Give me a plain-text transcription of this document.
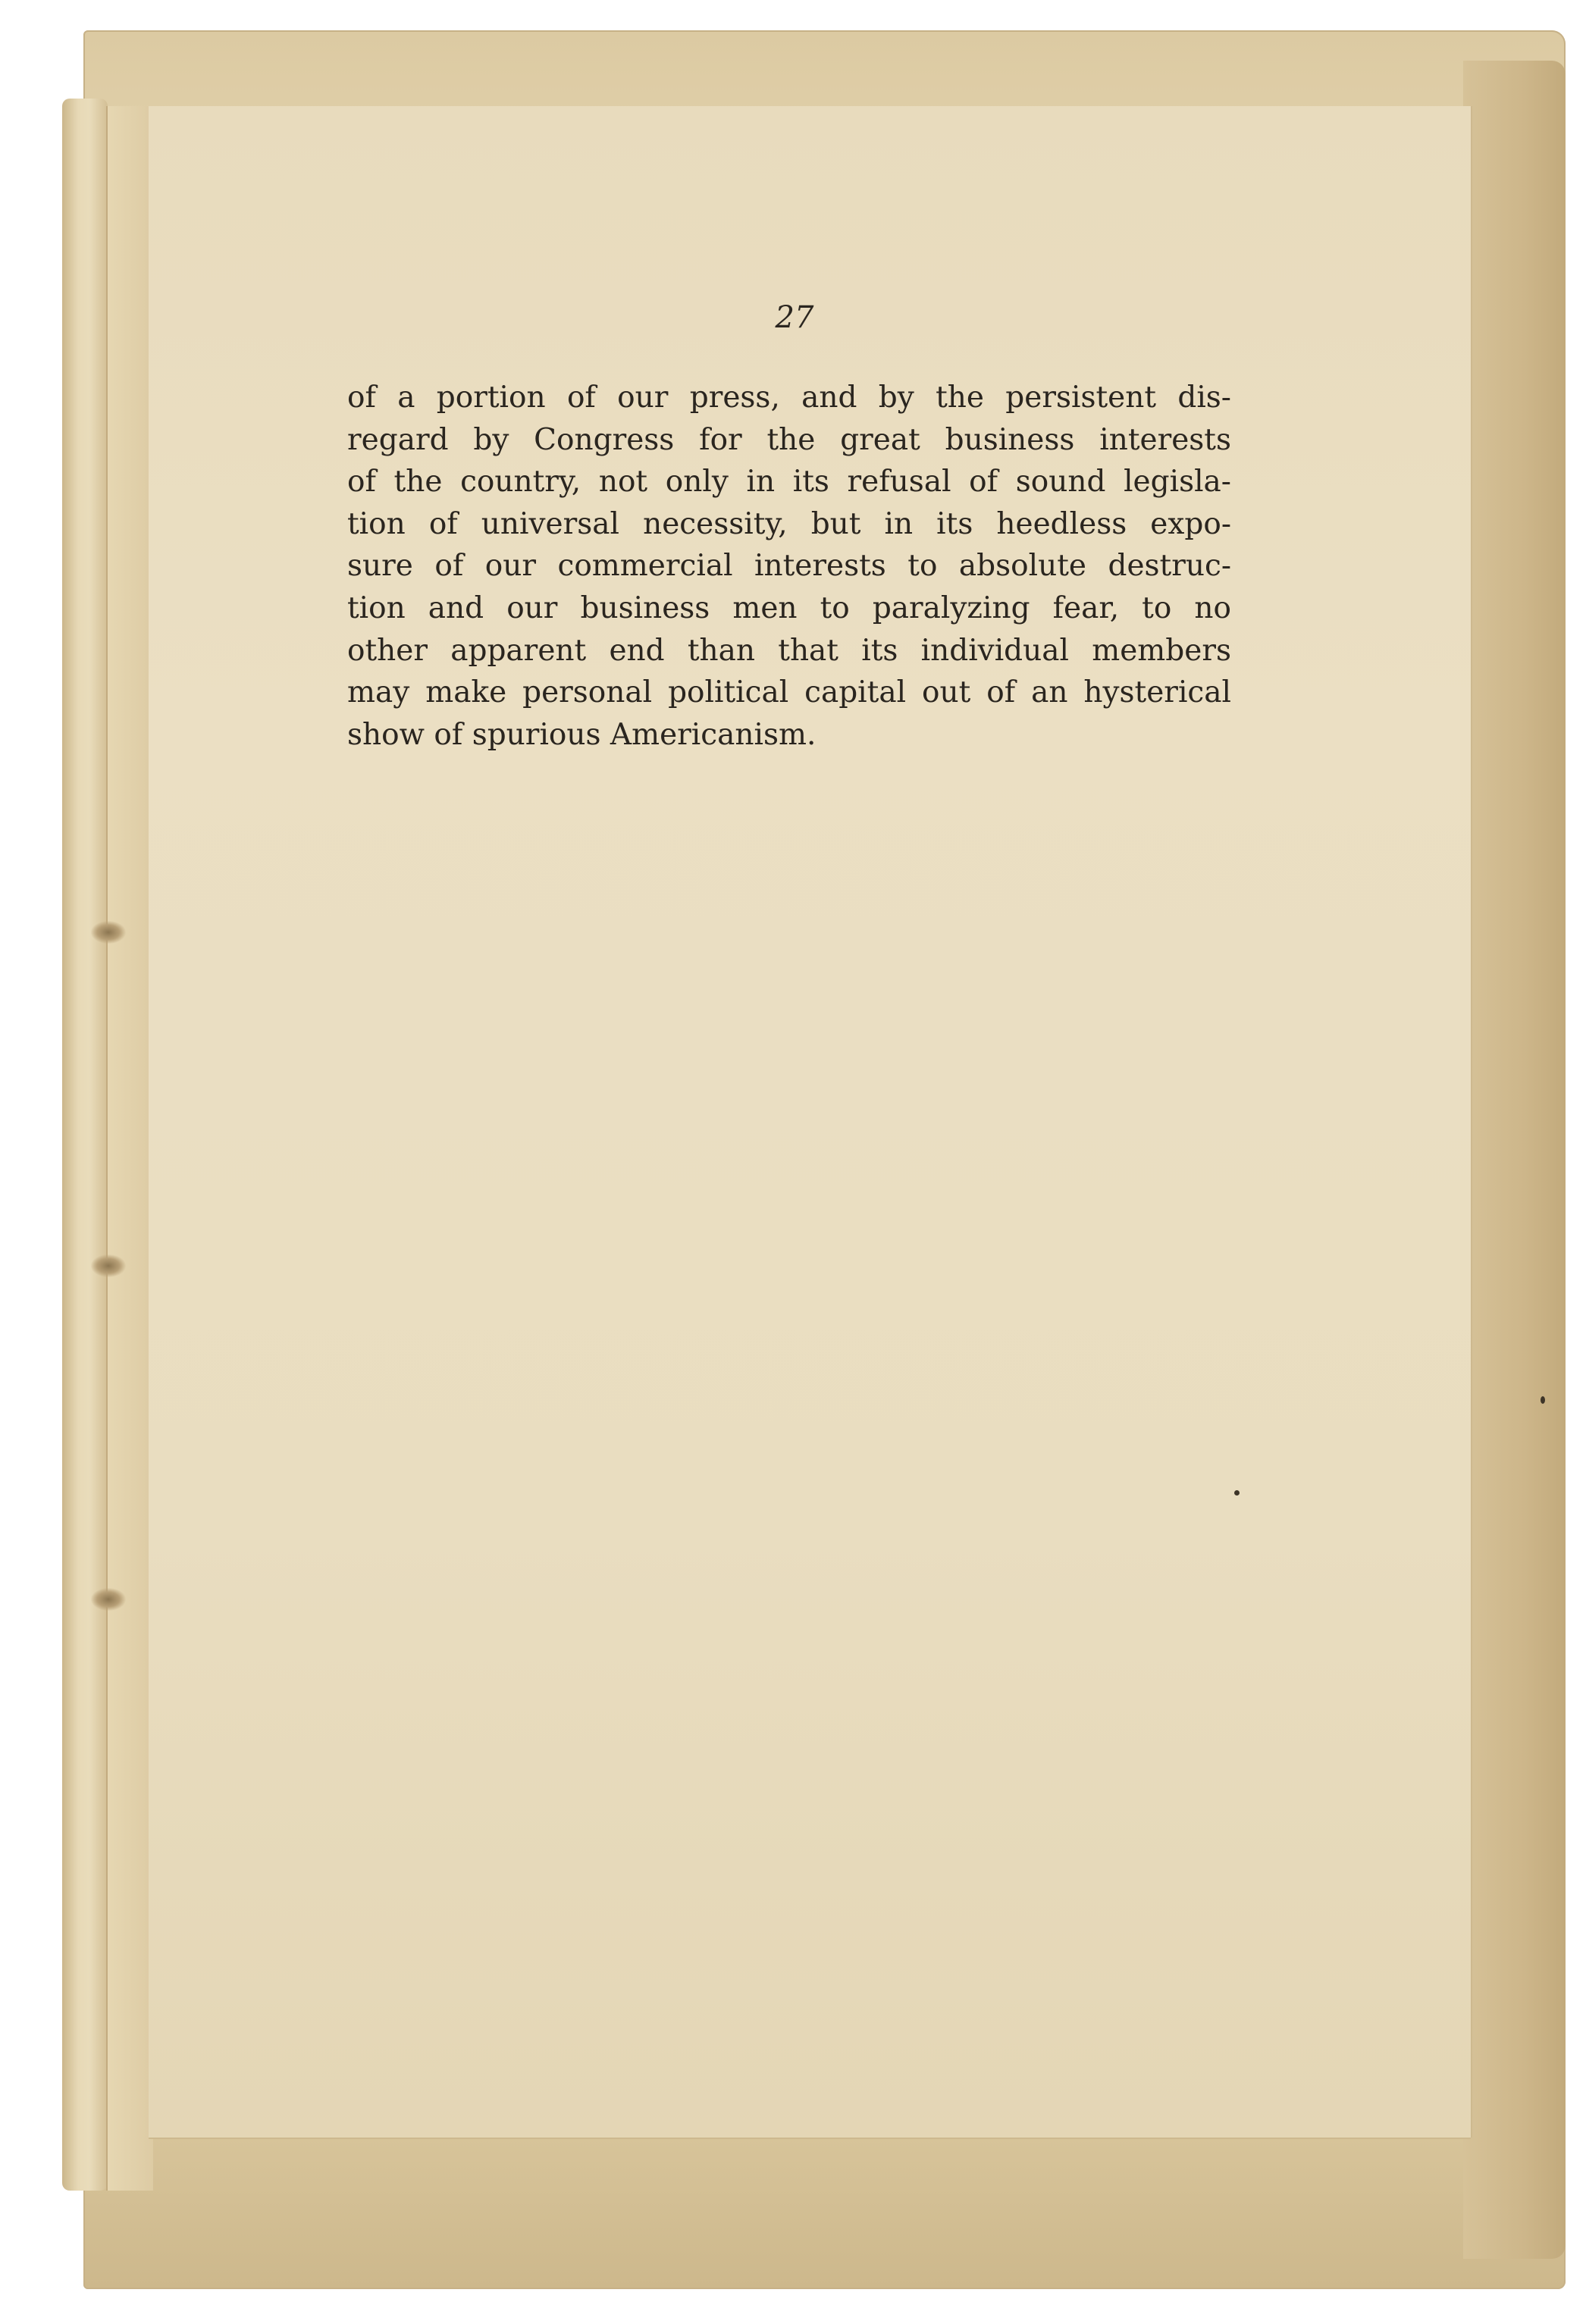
27
of a portion of our press, and by the persistent dis-
regard by Congress for the great business interests
of the country, not only in its refusal of sound legisla-
tion of universal necessity, but in its heedless expo-
sure of our commercial interests to absolute destruc-
tion and our business men to paralyzing fear, to no
other apparent end than that its individual members
may make personal political capital out of an hysterical
show of spurious Americanism.
